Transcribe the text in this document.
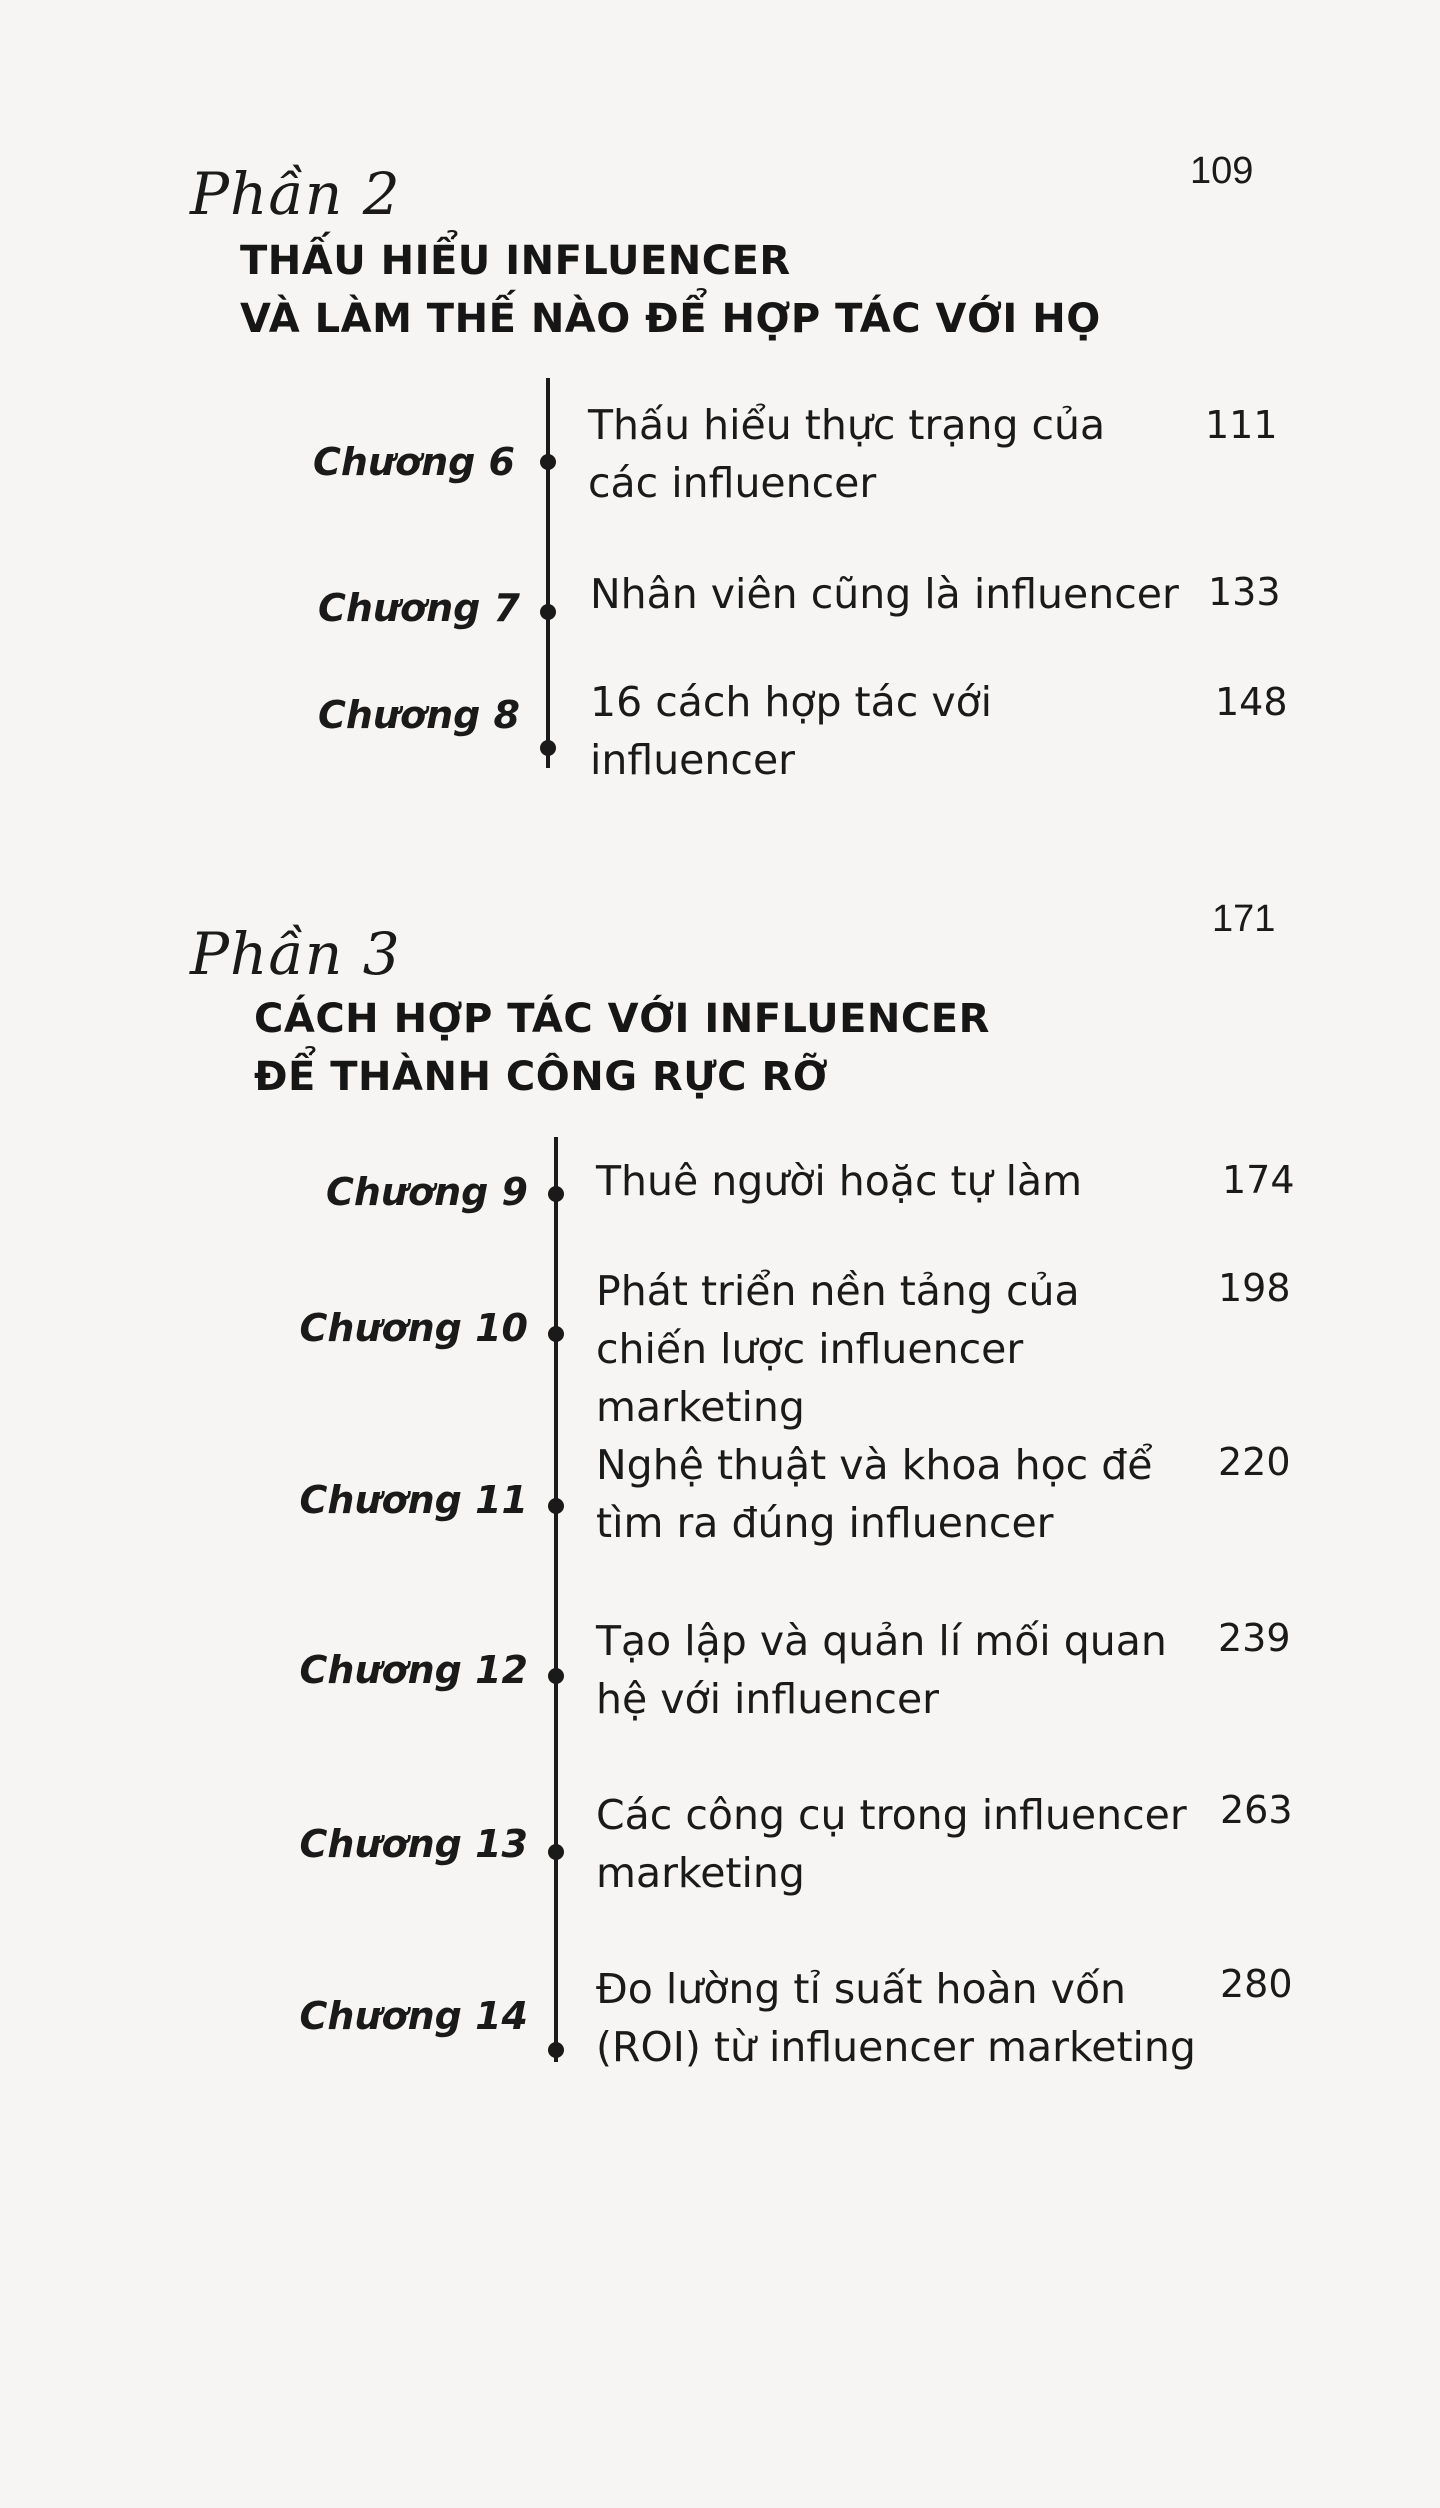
Phần 2	109
THẤU HIỂU INFLUENCER
VÀ LÀM THẾ NÀO ĐỂ HỢP TÁC VỚI HỌ
Chương 6
Thấu hiểu thực trạng của các influencer
111
Chương 7 Nhân viên cũng là influencer 133
Chương 8 16 cách hợp tác với influencer
148
Phần 3
171
CÁCH HỢP TÁC VỚI INFLUENCER
ĐỂ THÀNH CÔNG RỰC RỠ
Chương 9 Thuê người hoặc tự làm	174
Chương 10
Phát triển nền tảng của chiến lược influencer marketing
198
Chương 11
Nghệ thuật và khoa học để tìm ra đúng influencer
220
Chương 12
Tạo lập và quản lí mối quan hệ với influencer
239
Chương 13
Các công cụ trong influencer marketing
263
Chương 14
Đo lường tỉ suất hoàn vốn (ROI) từ influencer marketing
280
